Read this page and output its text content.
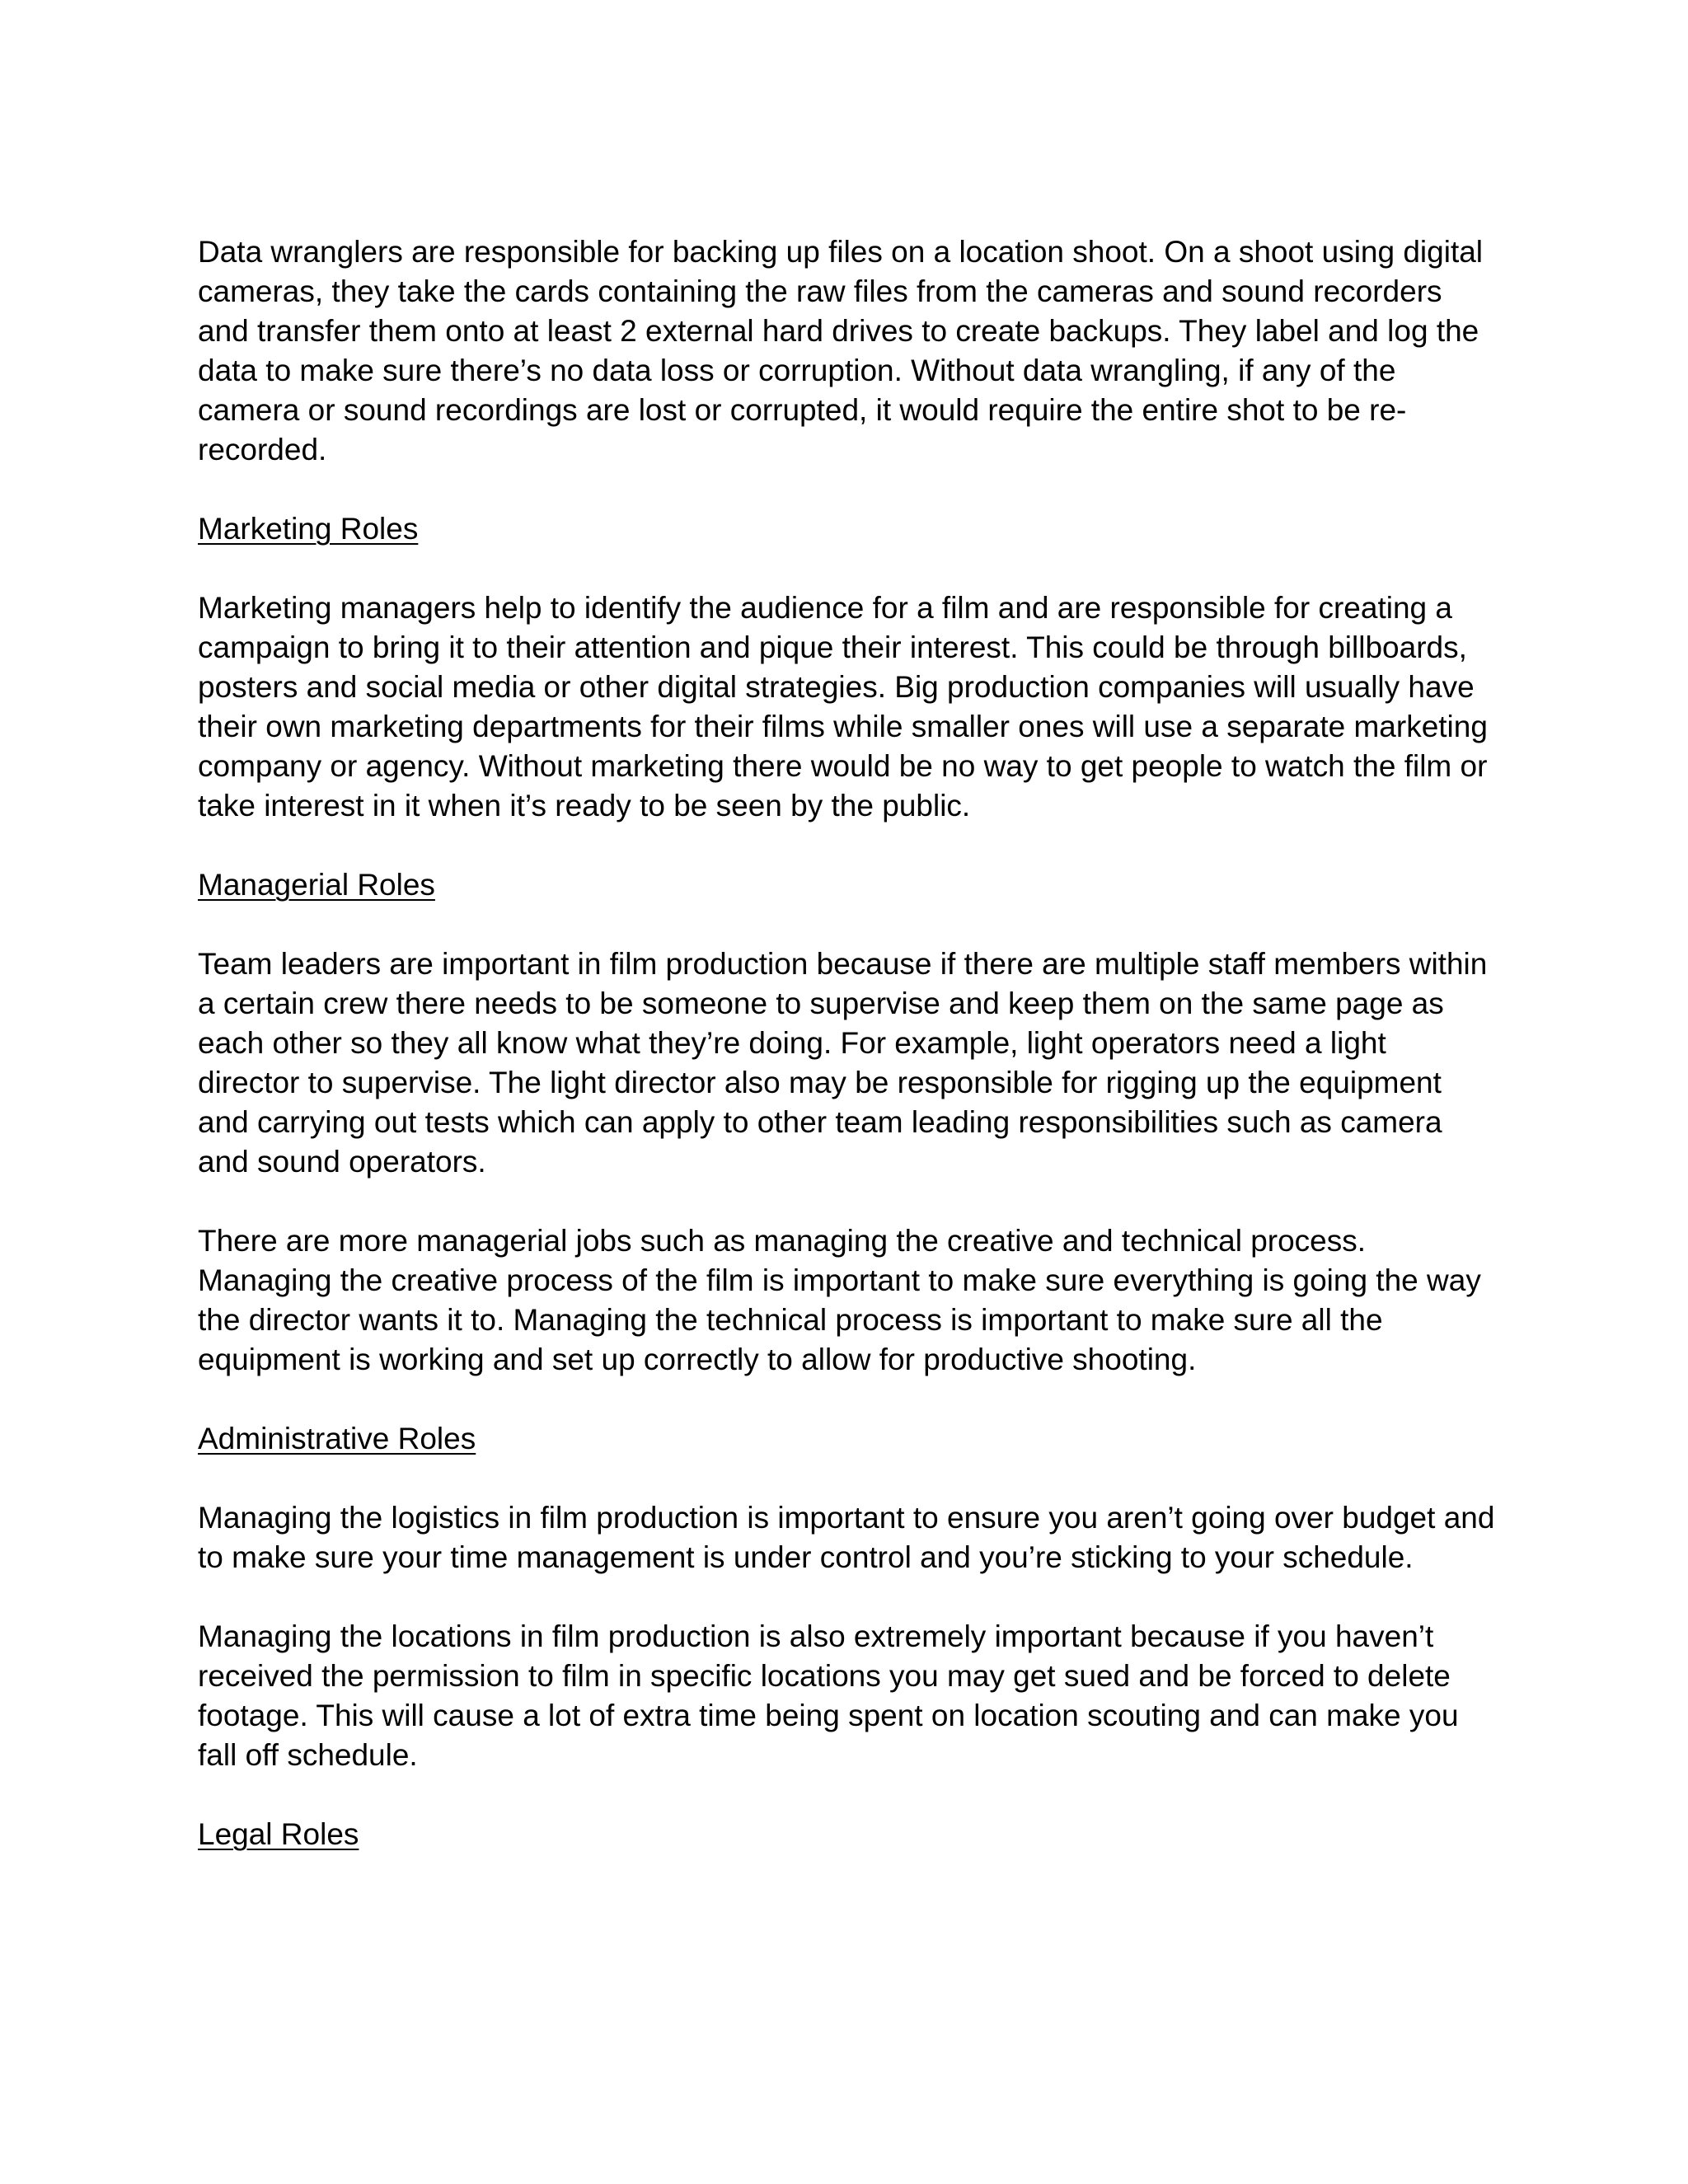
Data wranglers are responsible for backing up files on a location shoot. On a shoot using digital
cameras, they take the cards containing the raw files from the cameras and sound recorders
and transfer them onto at least 2 external hard drives to create backups. They label and log the
data to make sure there’s no data loss or corruption. Without data wrangling, if any of the
camera or sound recordings are lost or corrupted, it would require the entire shot to be re-
recorded.

Marketing Roles

Marketing managers help to identify the audience for a film and are responsible for creating a
campaign to bring it to their attention and pique their interest. This could be through billboards,
posters and social media or other digital strategies. Big production companies will usually have
their own marketing departments for their films while smaller ones will use a separate marketing
company or agency. Without marketing there would be no way to get people to watch the film or
take interest in it when it’s ready to be seen by the public.

Managerial Roles

Team leaders are important in film production because if there are multiple staff members within
a certain crew there needs to be someone to supervise and keep them on the same page as
each other so they all know what they’re doing. For example, light operators need a light
director to supervise. The light director also may be responsible for rigging up the equipment
and carrying out tests which can apply to other team leading responsibilities such as camera
and sound operators.

There are more managerial jobs such as managing the creative and technical process.
Managing the creative process of the film is important to make sure everything is going the way
the director wants it to. Managing the technical process is important to make sure all the
equipment is working and set up correctly to allow for productive shooting.

Administrative Roles

Managing the logistics in film production is important to ensure you aren’t going over budget and
to make sure your time management is under control and you’re sticking to your schedule.

Managing the locations in film production is also extremely important because if you haven’t
received the permission to film in specific locations you may get sued and be forced to delete
footage. This will cause a lot of extra time being spent on location scouting and can make you
fall off schedule.

Legal Roles
